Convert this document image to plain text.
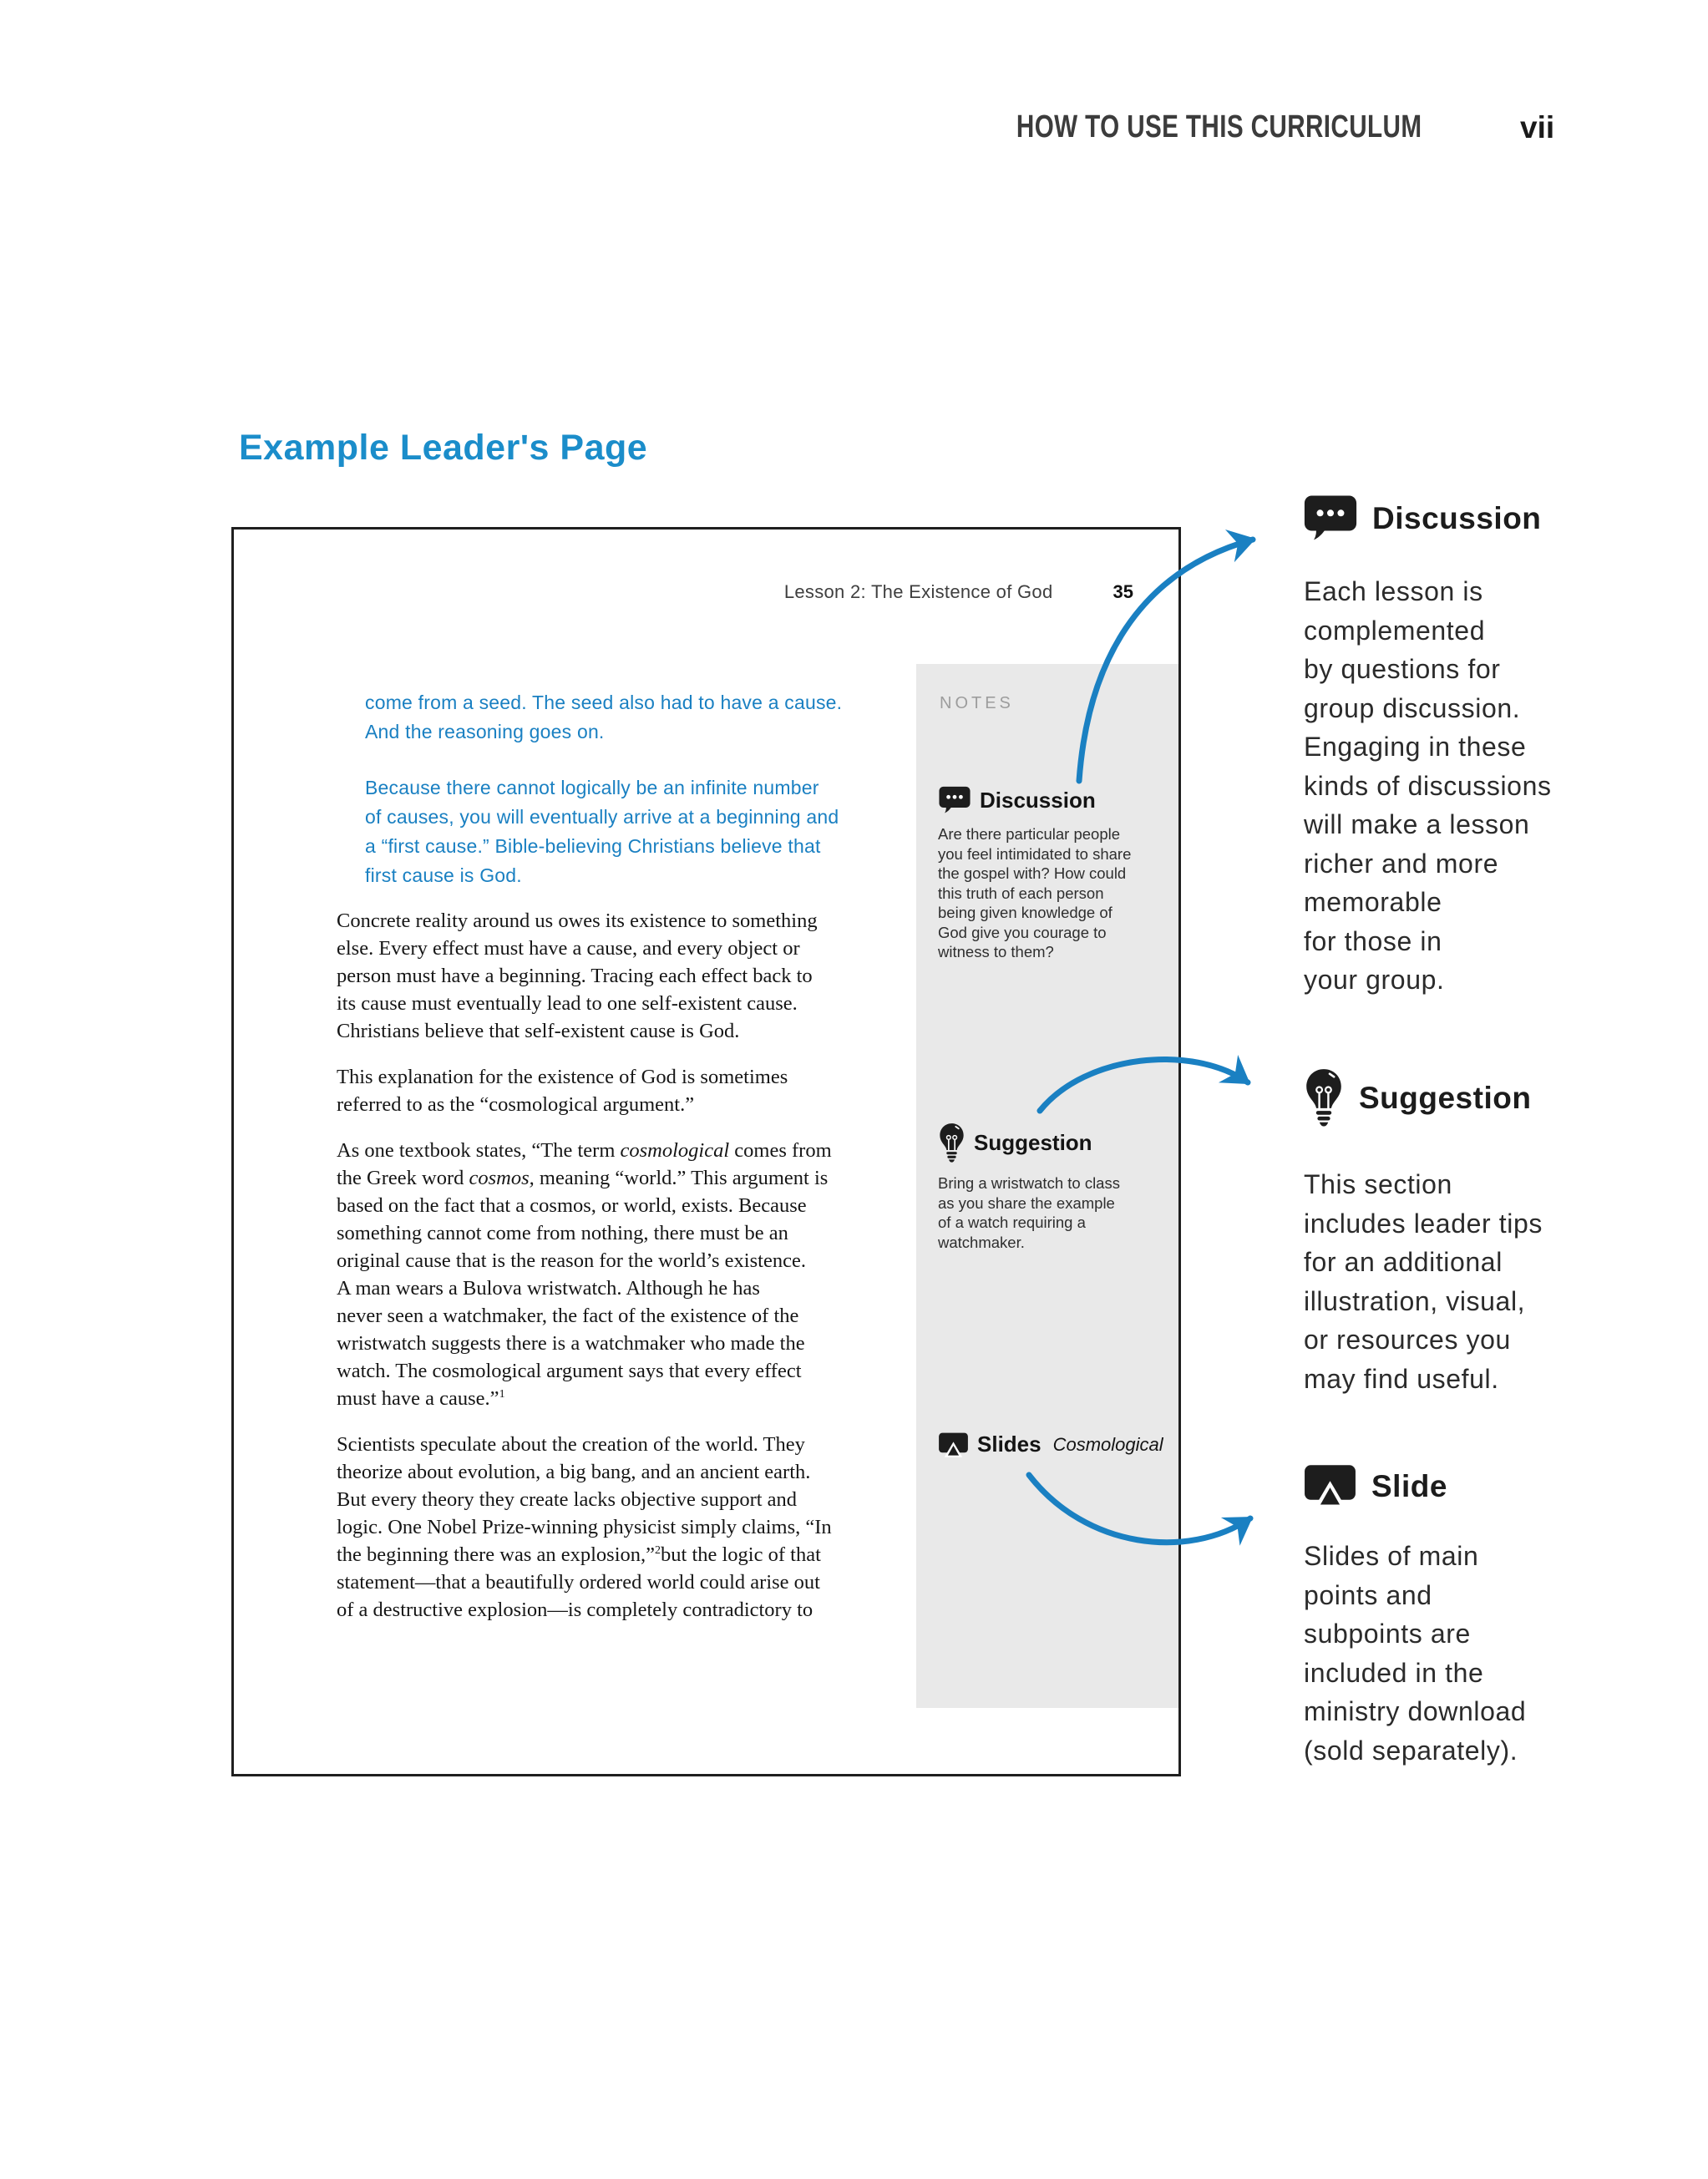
HOW TO USE THIS CURRICULUM	vii
Example Leader's Page
Lesson 2: The Existence of God	35

come from a seed. The seed also had to have a cause.
And the reasoning goes on.

Because there cannot logically be an infinite number
of causes, you will eventually arrive at a beginning and
a “first cause.” Bible-believing Christians believe that
first cause is God.

Concrete reality around us owes its existence to something
else. Every effect must have a cause, and every object or
person must have a beginning. Tracing each effect back to
its cause must eventually lead to one self-existent cause.
Christians believe that self-existent cause is God.

This explanation for the existence of God is sometimes
referred to as the “cosmological argument.”

As one textbook states, “The term cosmological comes from
the Greek word cosmos, meaning “world.” This argument is
based on the fact that a cosmos, or world, exists. Because
something cannot come from nothing, there must be an
original cause that is the reason for the world’s existence.
A man wears a Bulova wristwatch. Although he has
never seen a watchmaker, the fact of the existence of the
wristwatch suggests there is a watchmaker who made the
watch. The cosmological argument says that every effect
must have a cause.”$^1$

Scientists speculate about the creation of the world. They
theorize about evolution, a big bang, and an ancient earth.
But every theory they create lacks objective support and
logic. One Nobel Prize-winning physicist simply claims, “In
the beginning there was an explosion,”$^2$but the logic of that
statement—that a beautifully ordered world could arise out
of a destructive explosion—is completely contradictory to

NOTES
Discussion
Are there particular people
you feel intimidated to share
the gospel with? How could
this truth of each person
being given knowledge of
God give you courage to
witness to them?
Suggestion
Bring a wristwatch to class
as you share the example
of a watch requiring a
watchmaker.
Slides Cosmological
Discussion
Each lesson is
complemented
by questions for
group discussion.
Engaging in these
kinds of discussions
will make a lesson
richer and more
memorable
for those in
your group.
Suggestion
This section
includes leader tips
for an additional
illustration, visual,
or resources you
may find useful.
Slide
Slides of main
points and
subpoints are
included in the
ministry download
(sold separately).
